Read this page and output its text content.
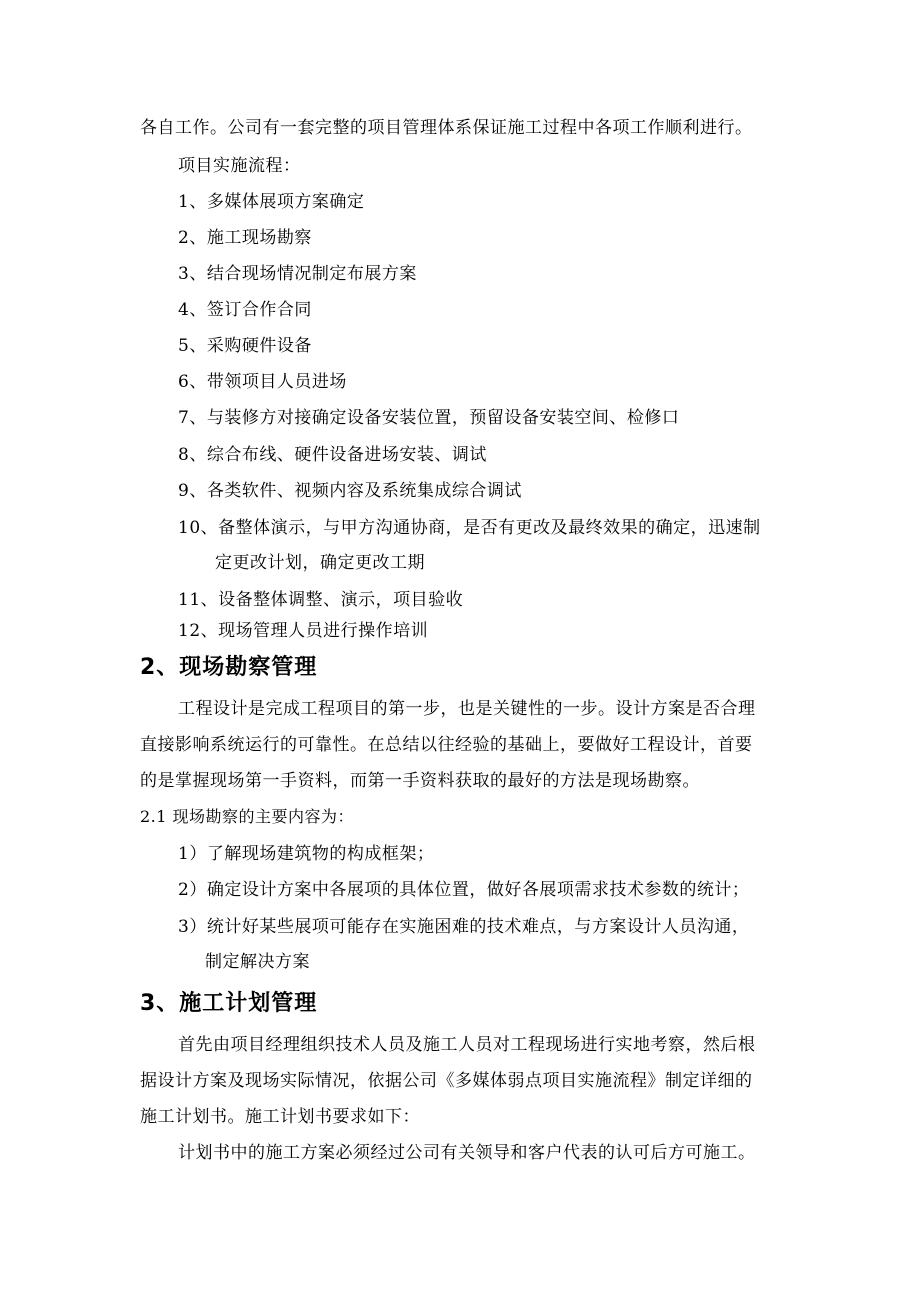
各自工作。公司有一套完整的项目管理体系保证施工过程中各项工作顺利进行。
项目实施流程：
1、多媒体展项方案确定
2、施工现场勘察
3、结合现场情况制定布展方案
4、签订合作合同
5、采购硬件设备
6、带领项目人员进场
7、与装修方对接确定设备安装位置，预留设备安装空间、检修口
8、综合布线、硬件设备进场安装、调试
9、各类软件、视频内容及系统集成综合调试
10、备整体演示，与甲方沟通协商，是否有更改及最终效果的确定，迅速制
定更改计划，确定更改工期
11、设备整体调整、演示，项目验收
12、现场管理人员进行操作培训
2、现场勘察管理
工程设计是完成工程项目的第一步，也是关键性的一步。设计方案是否合理
直接影响系统运行的可靠性。在总结以往经验的基础上，要做好工程设计，首要
的是掌握现场第一手资料，而第一手资料获取的最好的方法是现场勘察。
2.1 现场勘察的主要内容为：
1）了解现场建筑物的构成框架；
2）确定设计方案中各展项的具体位置，做好各展项需求技术参数的统计；
3）统计好某些展项可能存在实施困难的技术难点，与方案设计人员沟通，
制定解决方案
3、施工计划管理
首先由项目经理组织技术人员及施工人员对工程现场进行实地考察，然后根
据设计方案及现场实际情况，依据公司《多媒体弱点项目实施流程》制定详细的
施工计划书。施工计划书要求如下：
计划书中的施工方案必须经过公司有关领导和客户代表的认可后方可施工。
